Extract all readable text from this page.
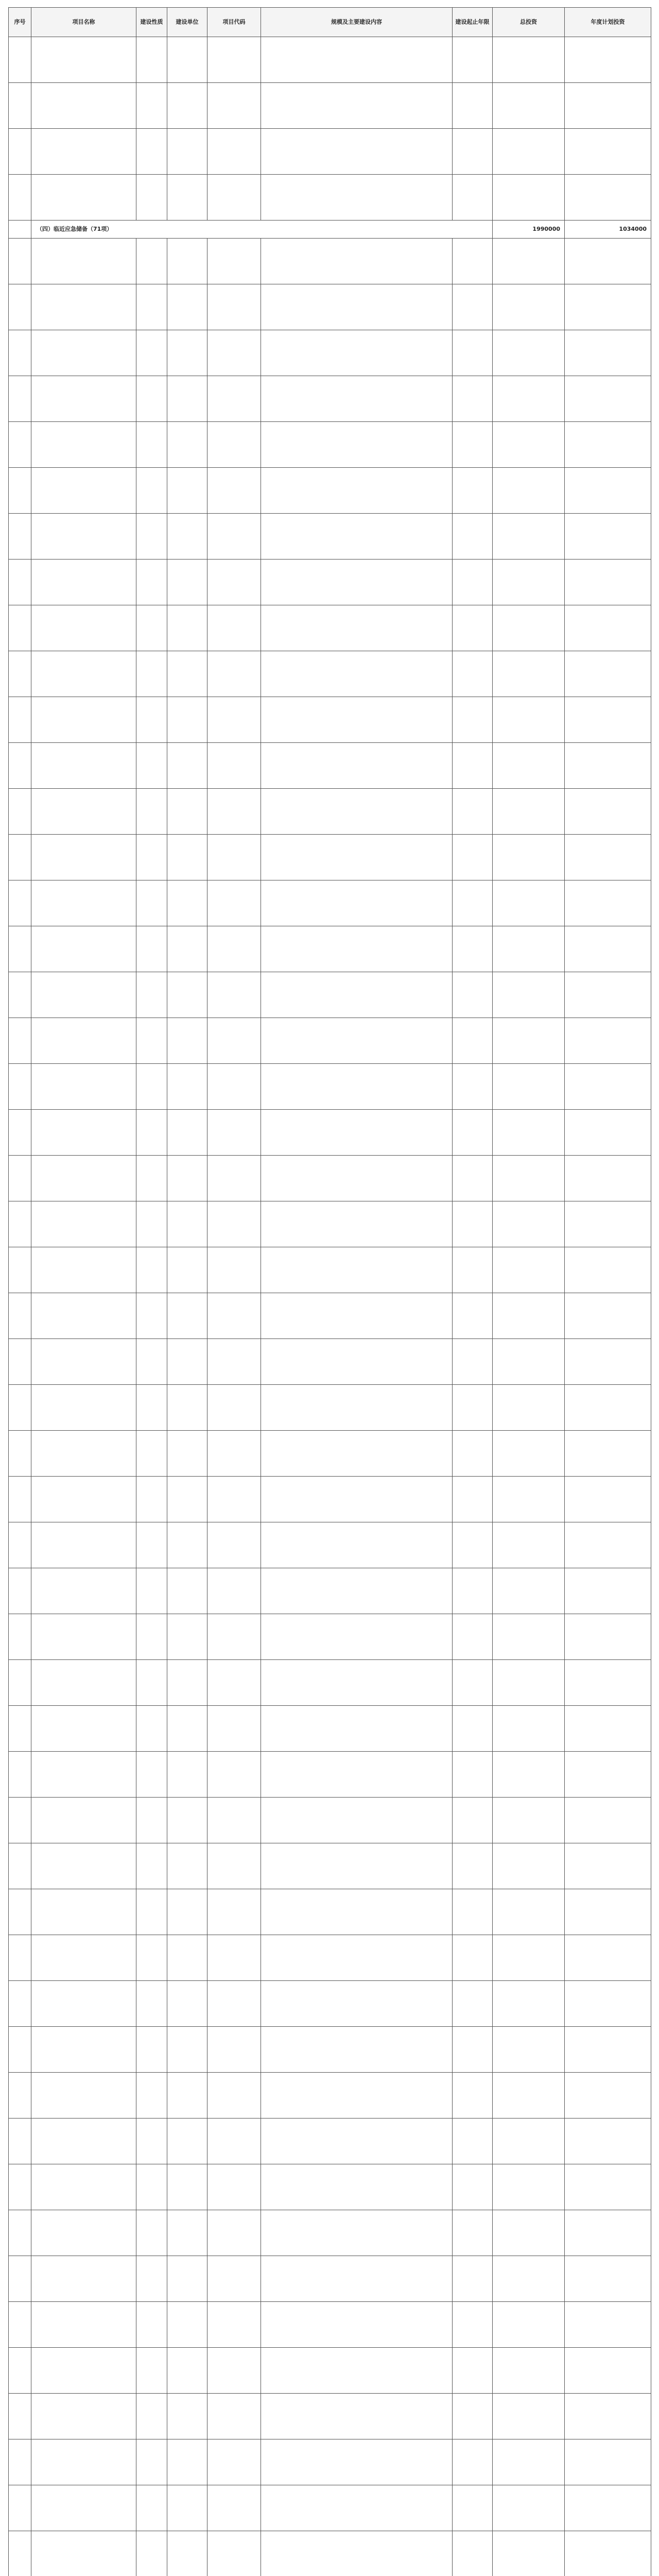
序号	项目名称	建设性质	建设单位	项目代码	规模及主要建设内容	建设起止年限	总投资	年度计划投资

	（四）临近应急储备（71项）						1990000	1034000
